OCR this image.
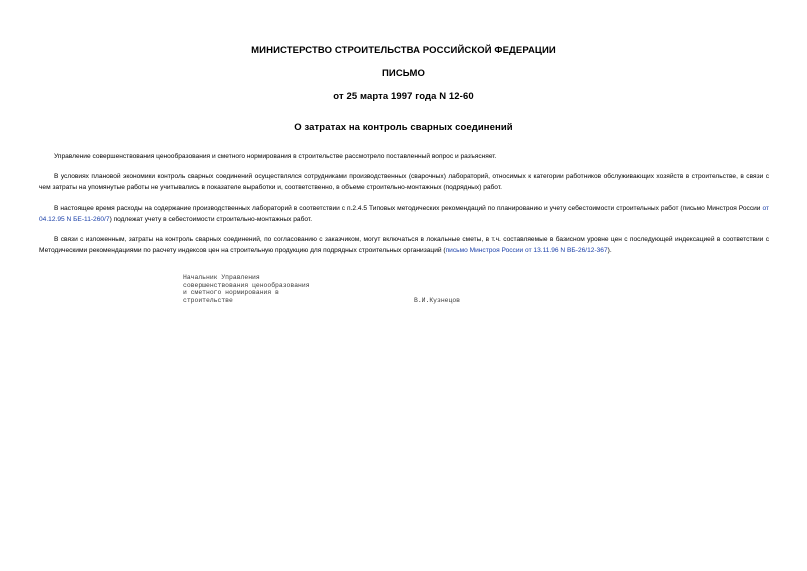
МИНИСТЕРСТВО СТРОИТЕЛЬСТВА РОССИЙСКОЙ ФЕДЕРАЦИИ
ПИСЬМО
от 25 марта 1997 года N 12-60
О затратах на контроль сварных соединений

Управление совершенствования ценообразования и сметного нормирования в строительстве рассмотрело поставленный вопрос и разъясняет.

В условиях плановой экономики контроль сварных соединений осуществлялся сотрудниками производственных (сварочных) лабораторий, относимых к категории работников обслуживающих хозяйств в строительстве, в связи с чем затраты на упомянутые работы не учитывались в показателе выработки и, соответственно, в объеме строительно-монтажных (подрядных) работ.

В настоящее время расходы на содержание производственных лабораторий в соответствии с п.2.4.5 Типовых методических рекомендаций по планированию и учету себестоимости строительных работ (письмо Минстроя России от 04.12.95 N БЕ-11-260/7) подлежат учету в себестоимости строительно-монтажных работ.

В связи с изложенным, затраты на контроль сварных соединений, по согласованию с заказчиком, могут включаться в локальные сметы, в т.ч. составляемые в базисном уровне цен с последующей индексацией в соответствии с Методическими рекомендациями по расчету индексов цен на строительную продукцию для подрядных строительных организаций (письмо Минстроя России от 13.11.96 N ВБ-26/12-367).

Начальник Управления
совершенствования ценообразования
и сметного нормирования в
строительстве	В.И.Кузнецов
